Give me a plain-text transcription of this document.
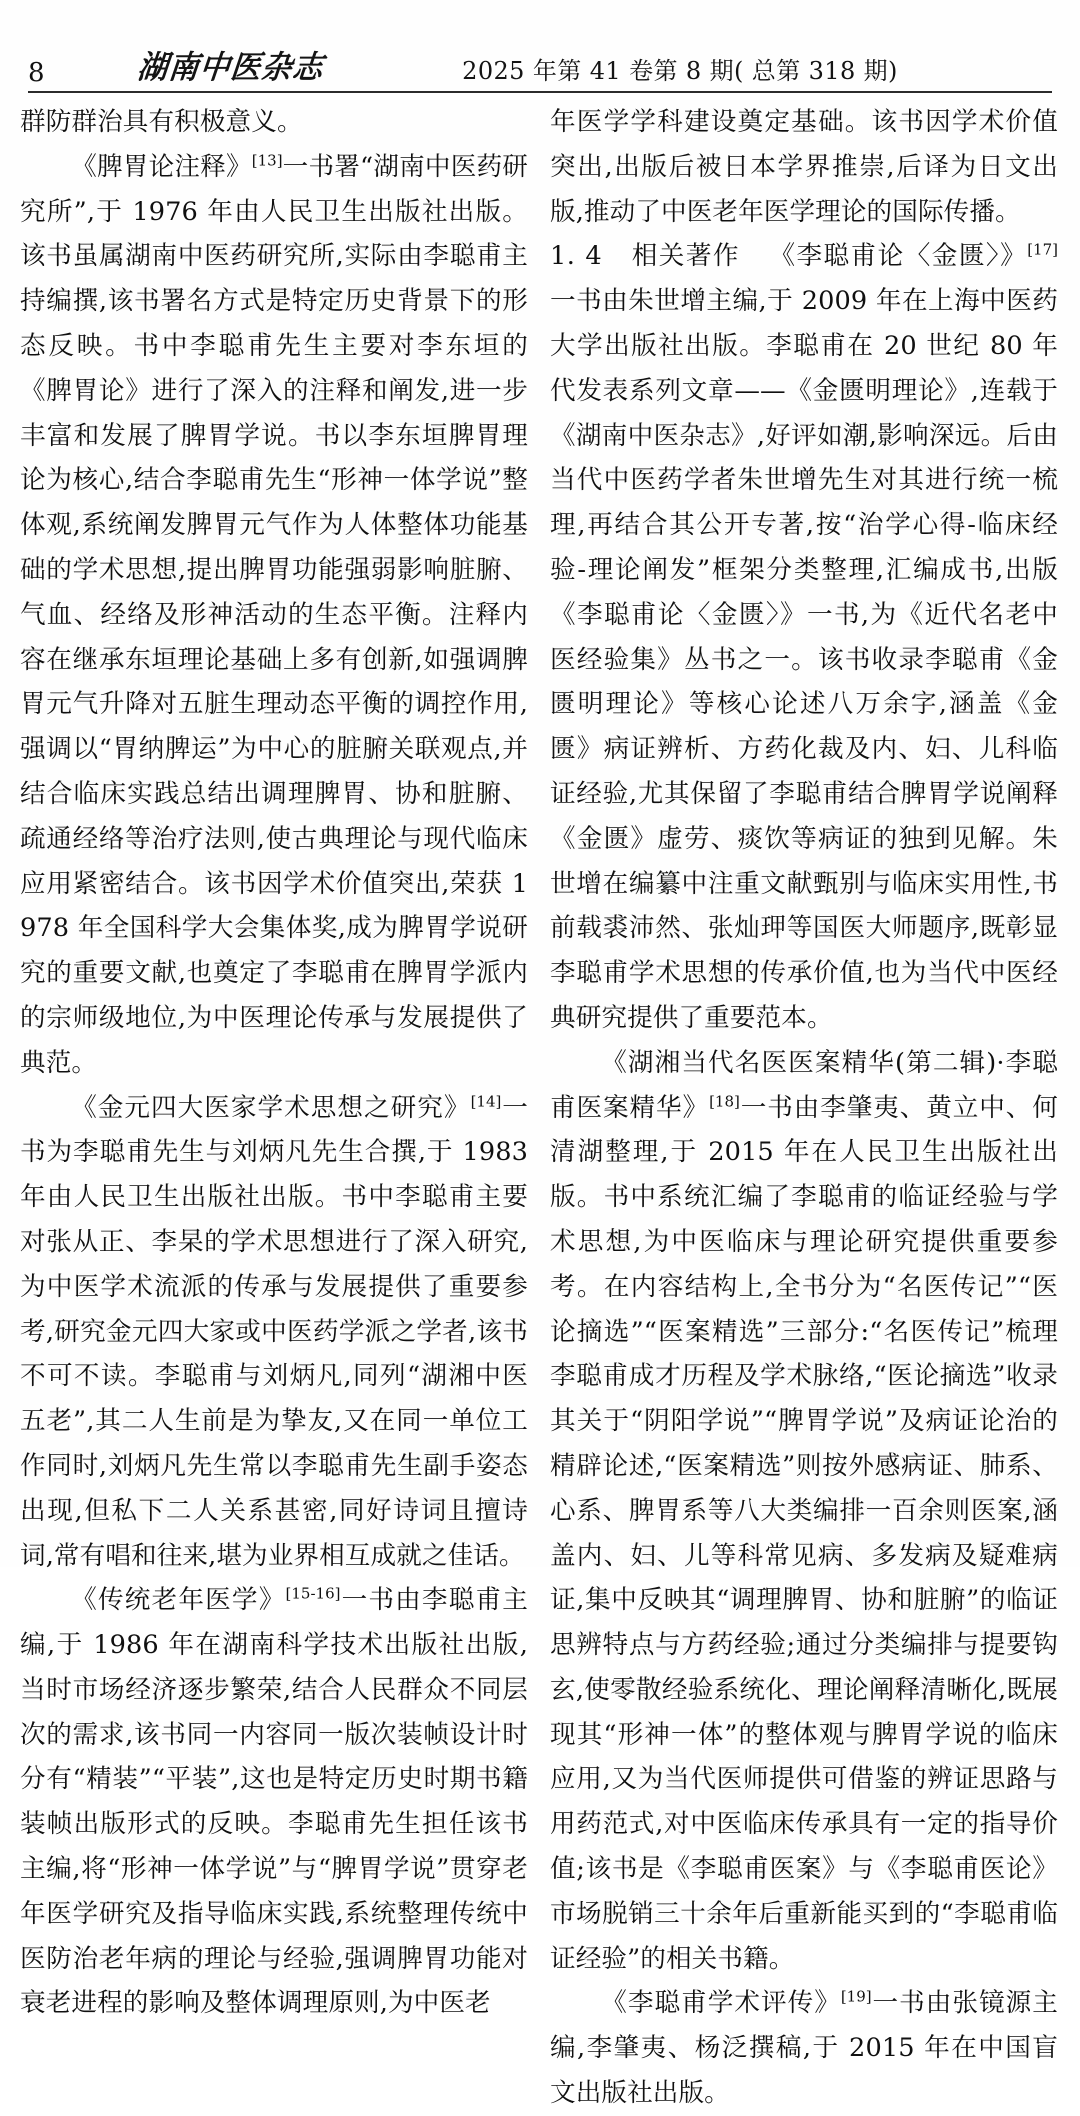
8	湖南中医杂志	2025 年第 41 卷第 8 期( 总第 318 期)

群防群治具有积极意义。

《脾胃论注释》[13]一书署“湖南中医药研究所”,于 1976 年由人民卫生出版社出版。该书虽属湖南中医药研究所,实际由李聪甫主持编撰,该书署名方式是特定历史背景下的形态反映。书中李聪甫先生主要对李东垣的《脾胃论》进行了深入的注释和阐发,进一步丰富和发展了脾胃学说。书以李东垣脾胃理论为核心,结合李聪甫先生“形神一体学说”整体观,系统阐发脾胃元气作为人体整体功能基础的学术思想,提出脾胃功能强弱影响脏腑、气血、经络及形神活动的生态平衡。注释内容在继承东垣理论基础上多有创新,如强调脾胃元气升降对五脏生理动态平衡的调控作用,强调以“胃纳脾运”为中心的脏腑关联观点,并结合临床实践总结出调理脾胃、协和脏腑、疏通经络等治疗法则,使古典理论与现代临床应用紧密结合。该书因学术价值突出,荣获 1978 年全国科学大会集体奖,成为脾胃学说研究的重要文献,也奠定了李聪甫在脾胃学派内的宗师级地位,为中医理论传承与发展提供了典范。

《金元四大医家学术思想之研究》[14]一书为李聪甫先生与刘炳凡先生合撰,于 1983 年由人民卫生出版社出版。书中李聪甫主要对张从正、李杲的学术思想进行了深入研究,为中医学术流派的传承与发展提供了重要参考,研究金元四大家或中医药学派之学者,该书不可不读。李聪甫与刘炳凡,同列“湖湘中医五老”,其二人生前是为挚友,又在同一单位工作同时,刘炳凡先生常以李聪甫先生副手姿态出现,但私下二人关系甚密,同好诗词且擅诗词,常有唱和往来,堪为业界相互成就之佳话。

《传统老年医学》[15-16]一书由李聪甫主编,于 1986 年在湖南科学技术出版社出版,当时市场经济逐步繁荣,结合人民群众不同层次的需求,该书同一内容同一版次装帧设计时分有“精装”“平装”,这也是特定历史时期书籍装帧出版形式的反映。李聪甫先生担任该书主编,将“形神一体学说”与“脾胃学说”贯穿老年医学研究及指导临床实践,系统整理传统中医防治老年病的理论与经验,强调脾胃功能对衰老进程的影响及整体调理原则,为中医老

年医学学科建设奠定基础。该书因学术价值突出,出版后被日本学界推崇,后译为日文出版,推动了中医老年医学理论的国际传播。

1. 4 相关著作 《李聪甫论〈金匮〉》[17]一书由朱世增主编,于 2009 年在上海中医药大学出版社出版。李聪甫在 20 世纪 80 年代发表系列文章——《金匮明理论》,连载于《湖南中医杂志》,好评如潮,影响深远。后由当代中医药学者朱世增先生对其进行统一梳理,再结合其公开专著,按“治学心得-临床经验-理论阐发”框架分类整理,汇编成书,出版《李聪甫论〈金匮〉》一书,为《近代名老中医经验集》丛书之一。该书收录李聪甫《金匮明理论》等核心论述八万余字,涵盖《金匮》病证辨析、方药化裁及内、妇、儿科临证经验,尤其保留了李聪甫结合脾胃学说阐释《金匮》虚劳、痰饮等病证的独到见解。朱世增在编纂中注重文献甄别与临床实用性,书前载裘沛然、张灿玾等国医大师题序,既彰显李聪甫学术思想的传承价值,也为当代中医经典研究提供了重要范本。

《湖湘当代名医医案精华(第二辑)·李聪甫医案精华》[18]一书由李肇夷、黄立中、何清湖整理,于 2015 年在人民卫生出版社出版。书中系统汇编了李聪甫的临证经验与学术思想,为中医临床与理论研究提供重要参考。在内容结构上,全书分为“名医传记”“医论摘选”“医案精选”三部分:“名医传记”梳理李聪甫成才历程及学术脉络,“医论摘选”收录其关于“阴阳学说”“脾胃学说”及病证论治的精辟论述,“医案精选”则按外感病证、肺系、心系、脾胃系等八大类编排一百余则医案,涵盖内、妇、儿等科常见病、多发病及疑难病证,集中反映其“调理脾胃、协和脏腑”的临证思辨特点与方药经验;通过分类编排与提要钩玄,使零散经验系统化、理论阐释清晰化,既展现其“形神一体”的整体观与脾胃学说的临床应用,又为当代医师提供可借鉴的辨证思路与用药范式,对中医临床传承具有一定的指导价值;该书是《李聪甫医案》与《李聪甫医论》市场脱销三十余年后重新能买到的“李聪甫临证经验”的相关书籍。

《李聪甫学术评传》[19]一书由张镜源主编,李肇夷、杨泛撰稿,于 2015 年在中国盲文出版社出版。
